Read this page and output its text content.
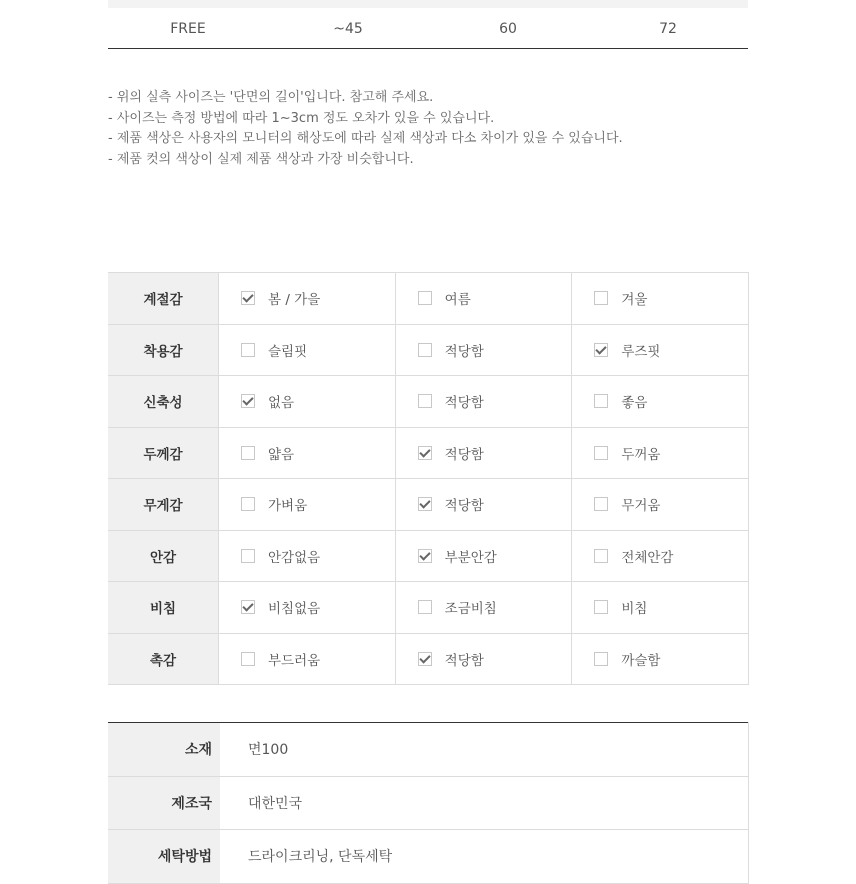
FREE	~45	60	72
- 위의 실측 사이즈는 '단면의 길이'입니다. 참고해 주세요.
- 사이즈는 측정 방법에 따라 1~3cm 정도 오차가 있을 수 있습니다.
- 제품 색상은 사용자의 모니터의 해상도에 따라 실제 색상과 다소 차이가 있을 수 있습니다.
- 제품 컷의 색상이 실제 제품 색상과 가장 비슷합니다.
계절감	봄 / 가을	여름	겨울
착용감	슬림핏	적당함	루즈핏
신축성	없음	적당함	좋음
두께감	얇음	적당함	두꺼움
무게감	가벼움	적당함	무거움
안감	안감없음	부분안감	전체안감
비침	비침없음	조금비침	비침
촉감	부드러움	적당함	까슬함
소재	면100
제조국	대한민국
세탁방법	드라이크리닝, 단독세탁
